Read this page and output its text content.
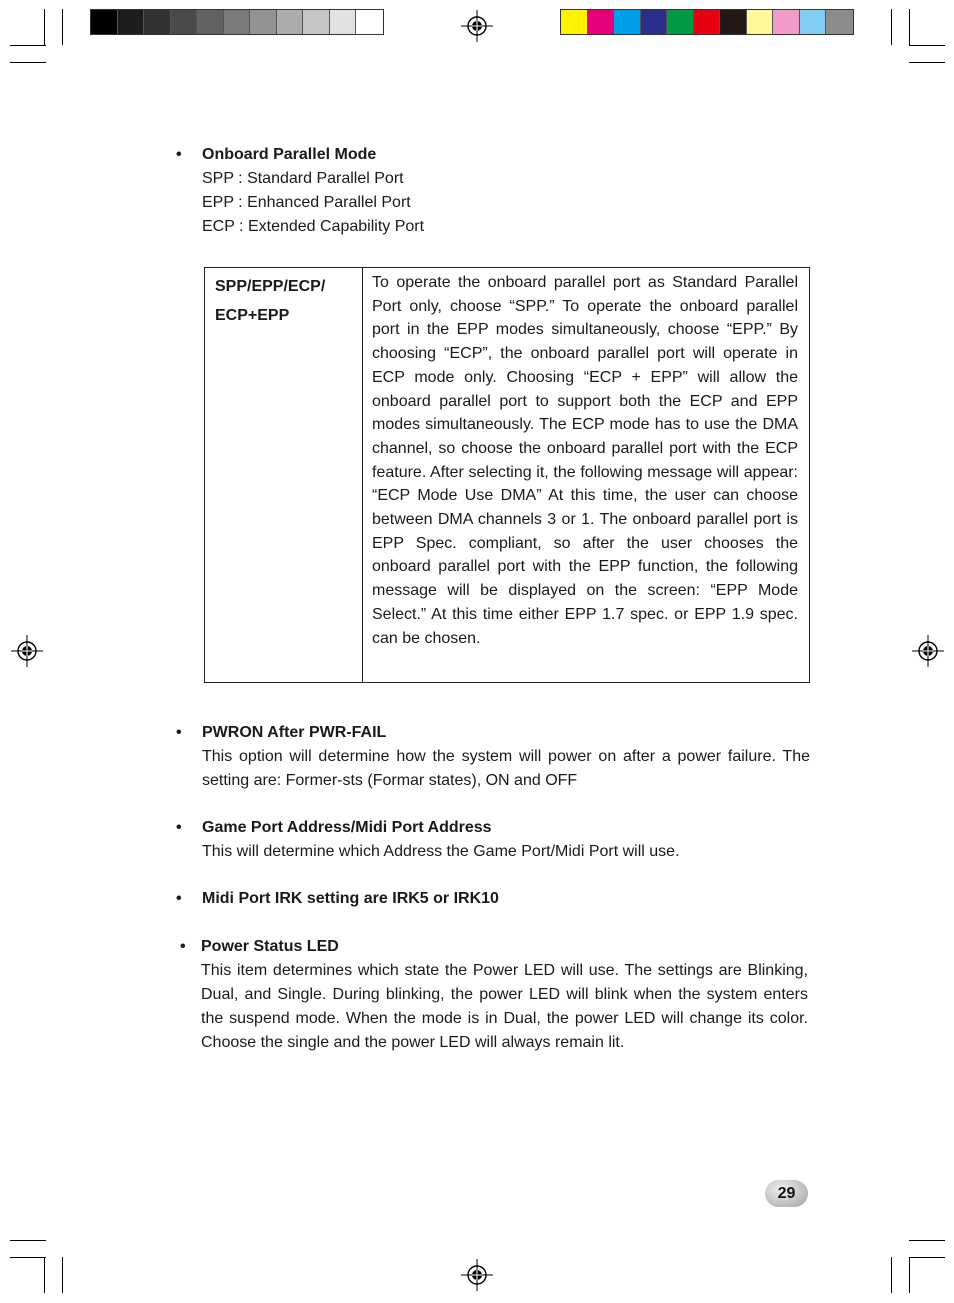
• Onboard Parallel Mode
SPP : Standard Parallel Port
EPP : Enhanced Parallel Port
ECP : Extended Capability Port
SPP/EPP/ECP/
ECP+EPP
To operate the onboard parallel port as Standard Parallel Port only, choose “SPP.” To operate the onboard parallel port in the EPP modes simultaneously, choose “EPP.” By choosing “ECP”, the onboard parallel port will operate in ECP mode only. Choosing “ECP + EPP” will allow the onboard parallel port to support both the ECP and EPP modes simultaneously. The ECP mode has to use the DMA channel, so choose the onboard parallel port with the ECP feature. After selecting it, the following message will appear: “ECP Mode Use DMA” At this time, the user can choose between DMA channels 3 or 1. The onboard parallel port is EPP Spec. compliant, so after the user chooses the onboard parallel port with the EPP function, the following message will be displayed on the screen: “EPP Mode Select.” At this time either EPP 1.7 spec. or EPP 1.9 spec. can be chosen.
• PWRON After PWR-FAIL
This option will determine how the system will power on after a power failure. The setting are: Former-sts (Formar states), ON and OFF
• Game Port Address/Midi Port Address
This will determine which Address the Game Port/Midi Port will use.
• Midi Port IRK setting are IRK5 or IRK10
• Power Status LED
This item determines which state the Power LED will use. The settings are Blinking, Dual, and Single. During blinking, the power LED will blink when the system enters the suspend mode. When the mode is in Dual, the power LED will change its color. Choose the single and the power LED will always remain lit.
29
